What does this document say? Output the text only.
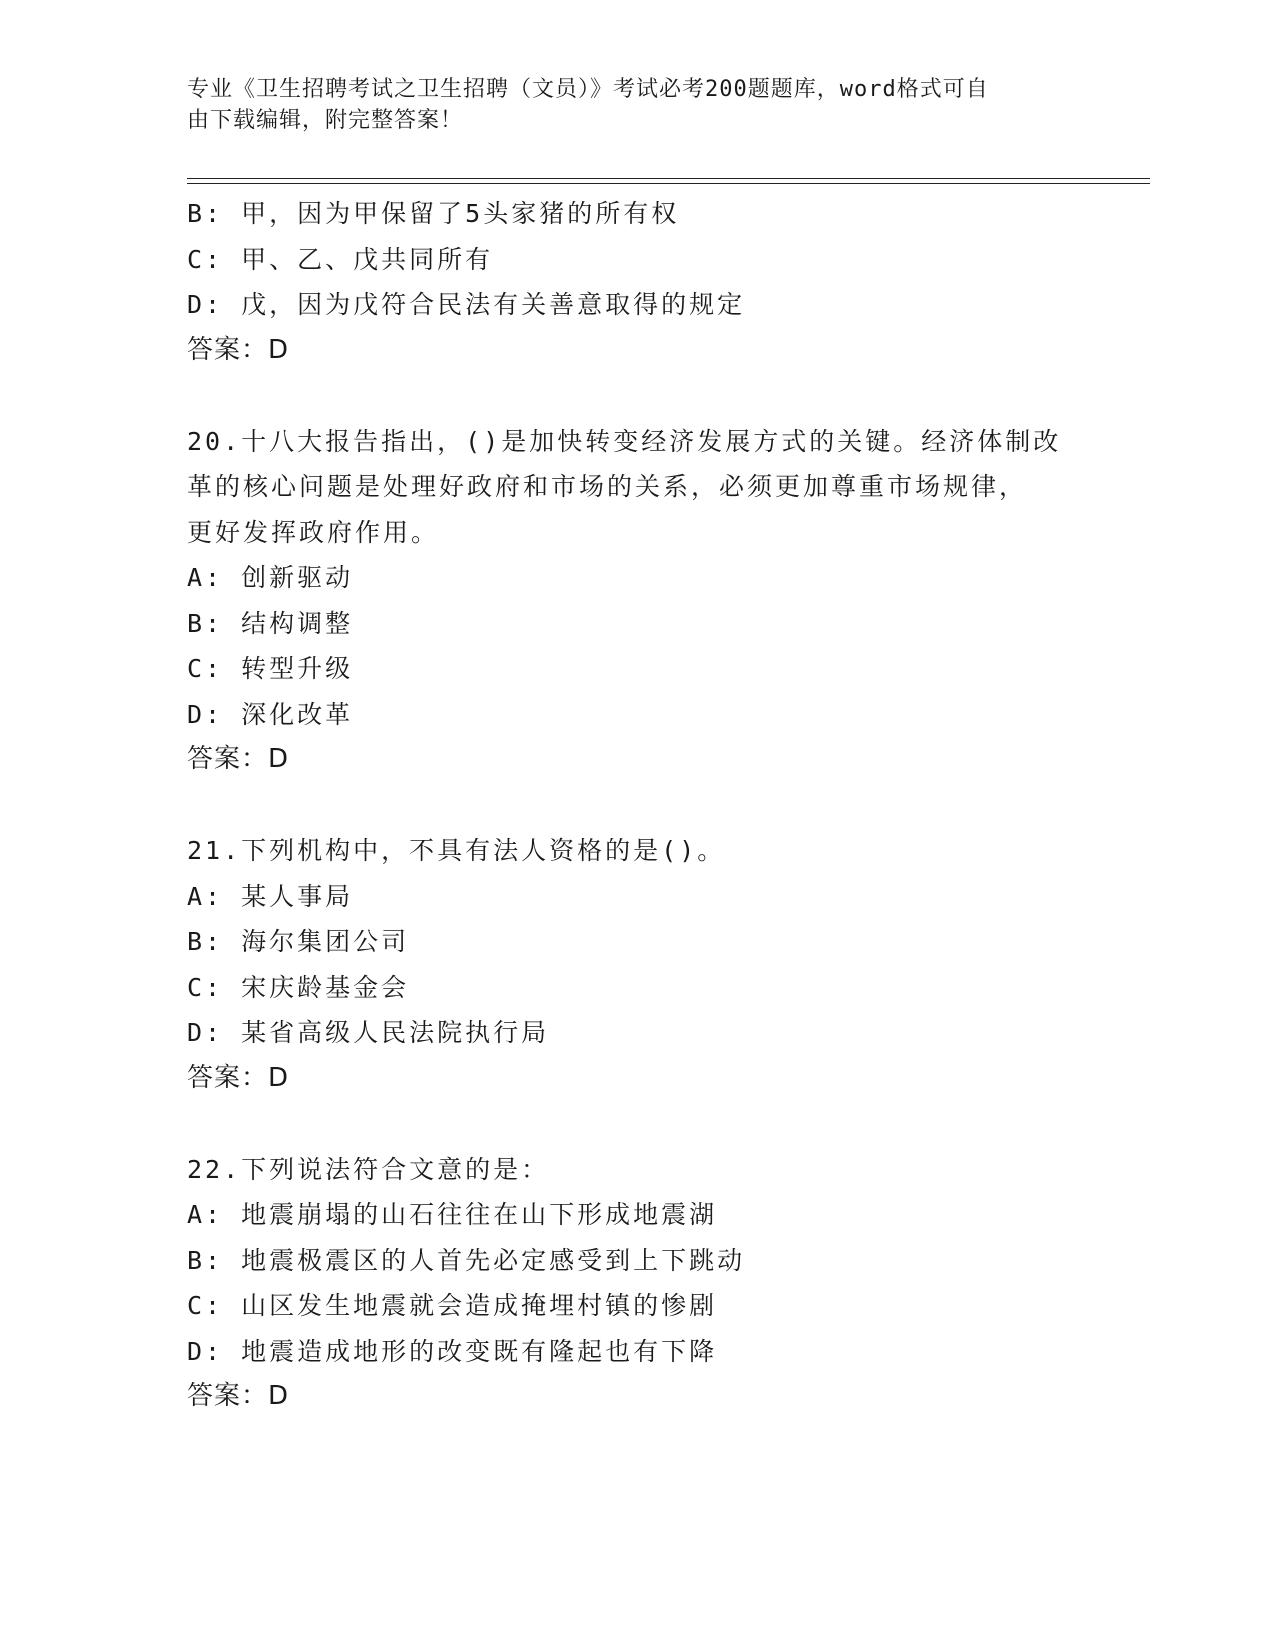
专业《卫生招聘考试之卫生招聘（文员）》考试必考200题题库，word格式可自
由下载编辑，附完整答案！
B: 甲，因为甲保留了5头家猪的所有权
C: 甲、乙、戊共同所有
D: 戊，因为戊符合民法有关善意取得的规定
答案：D
20.十八大报告指出，()是加快转变经济发展方式的关键。经济体制改
革的核心问题是处理好政府和市场的关系，必须更加尊重市场规律，
更好发挥政府作用。
A: 创新驱动
B: 结构调整
C: 转型升级
D: 深化改革
答案：D
21.下列机构中，不具有法人资格的是()。
A: 某人事局
B: 海尔集团公司
C: 宋庆龄基金会
D: 某省高级人民法院执行局
答案：D
22.下列说法符合文意的是：
A: 地震崩塌的山石往往在山下形成地震湖
B: 地震极震区的人首先必定感受到上下跳动
C: 山区发生地震就会造成掩埋村镇的惨剧
D: 地震造成地形的改变既有隆起也有下降
答案：D
